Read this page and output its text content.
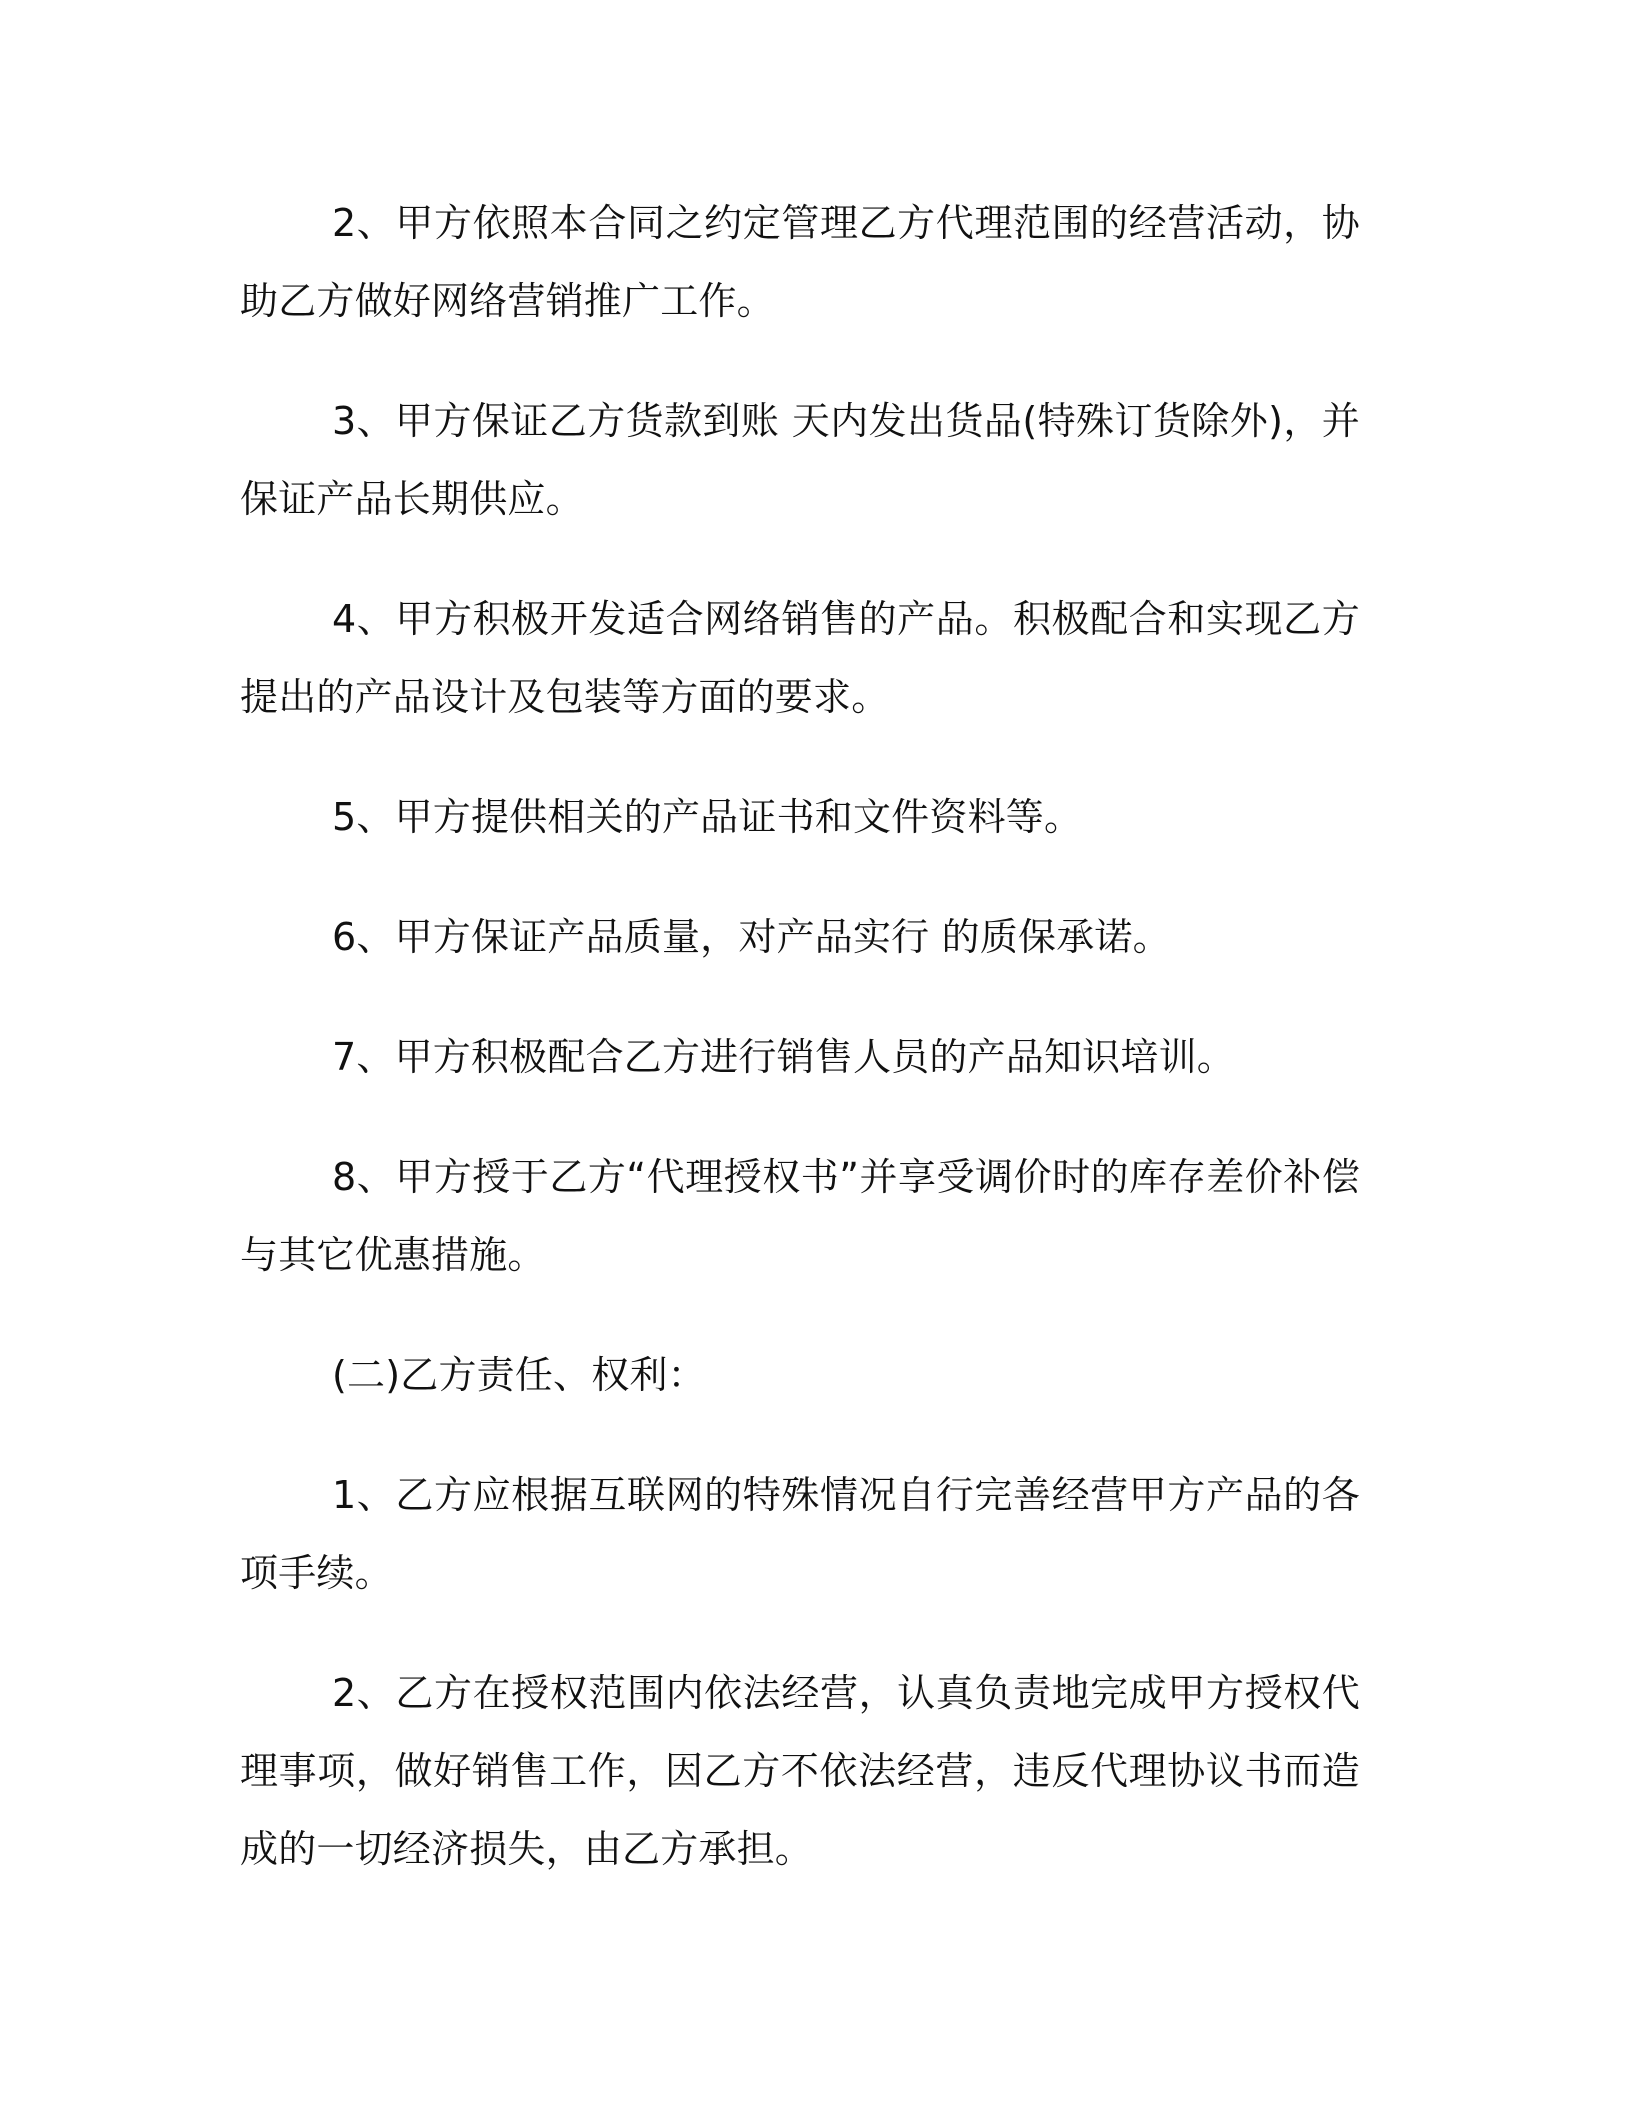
2、甲方依照本合同之约定管理乙方代理范围的经营活动，协助乙方做好网络营销推广工作。

3、甲方保证乙方货款到账 天内发出货品(特殊订货除外)，并保证产品长期供应。

4、甲方积极开发适合网络销售的产品。积极配合和实现乙方提出的产品设计及包装等方面的要求。

5、甲方提供相关的产品证书和文件资料等。

6、甲方保证产品质量，对产品实行 的质保承诺。

7、甲方积极配合乙方进行销售人员的产品知识培训。

8、甲方授于乙方“代理授权书”并享受调价时的库存差价补偿与其它优惠措施。

(二)乙方责任、权利：

1、乙方应根据互联网的特殊情况自行完善经营甲方产品的各项手续。

2、乙方在授权范围内依法经营，认真负责地完成甲方授权代理事项，做好销售工作，因乙方不依法经营，违反代理协议书而造成的一切经济损失，由乙方承担。
